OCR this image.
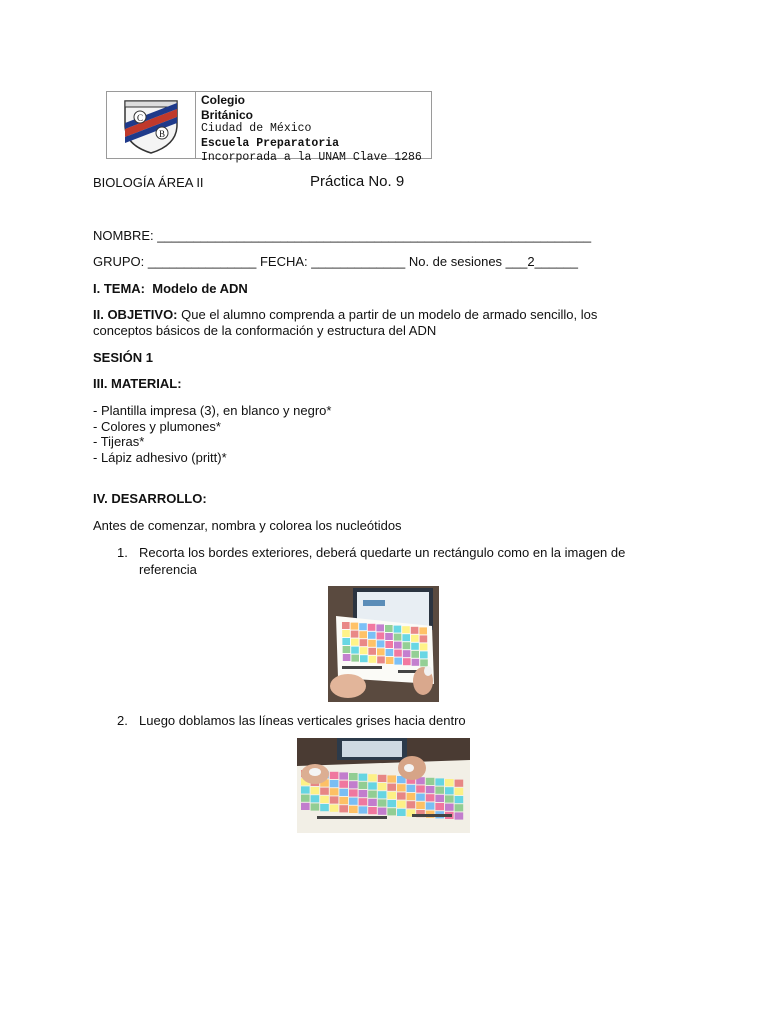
C
B
Colegio
Británico
Ciudad de México
Escuela Preparatoria
Incorporada a la UNAM Clave 1286
BIOLOGÍA ÁREA II	Práctica No. 9
NOMBRE: ____________________________________________________________
GRUPO: _______________ FECHA: _____________ No. de sesiones ___2______
I. TEMA: Modelo de ADN
II. OBJETIVO: Que el alumno comprenda a partir de un modelo de armado sencillo, los
conceptos básicos de la conformación y estructura del ADN
SESIÓN 1
III. MATERIAL:
- Plantilla impresa (3), en blanco y negro*
- Colores y plumones*
- Tijeras*
- Lápiz adhesivo (pritt)*
IV. DESARROLLO:
Antes de comenzar, nombra y colorea los nucleótidos
1. Recorta los bordes exteriores, deberá quedarte un rectángulo como en la imagen de
referencia
2. Luego doblamos las líneas verticales grises hacia dentro
